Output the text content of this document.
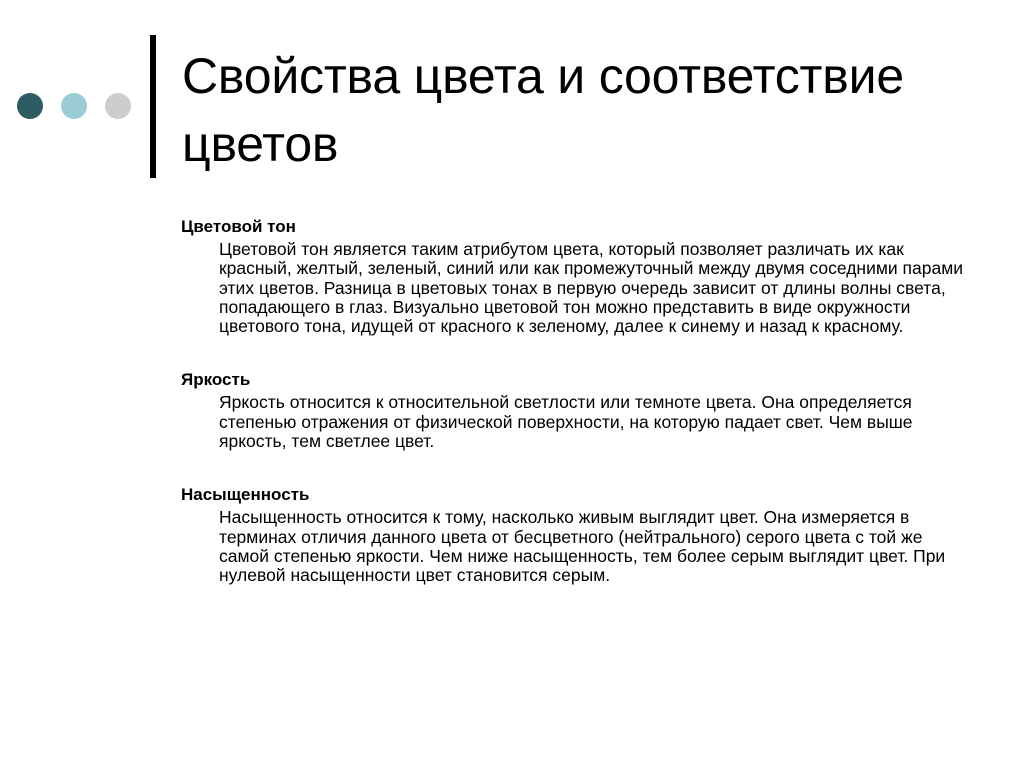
Свойства цвета и соответствие цветов
Цветовой тон
Цветовой тон является таким атрибутом цвета, который позволяет различать их как красный, желтый, зеленый, синий или как промежуточный между двумя соседними парами этих цветов. Разница в цветовых тонах в первую очередь зависит от длины волны света, попадающего в глаз. Визуально цветовой тон можно представить в виде окружности цветового тона, идущей от красного к зеленому, далее к синему и назад к красному.
Яркость
Яркость относится к относительной светлости или темноте цвета. Она определяется степенью отражения от физической поверхности, на которую падает свет. Чем выше яркость, тем светлее цвет.
Насыщенность
Насыщенность относится к тому, насколько живым выглядит цвет. Она измеряется в терминах отличия данного цвета от бесцветного (нейтрального) серого цвета с той же самой степенью яркости. Чем ниже насыщенность, тем более серым выглядит цвет. При нулевой насыщенности цвет становится серым.
